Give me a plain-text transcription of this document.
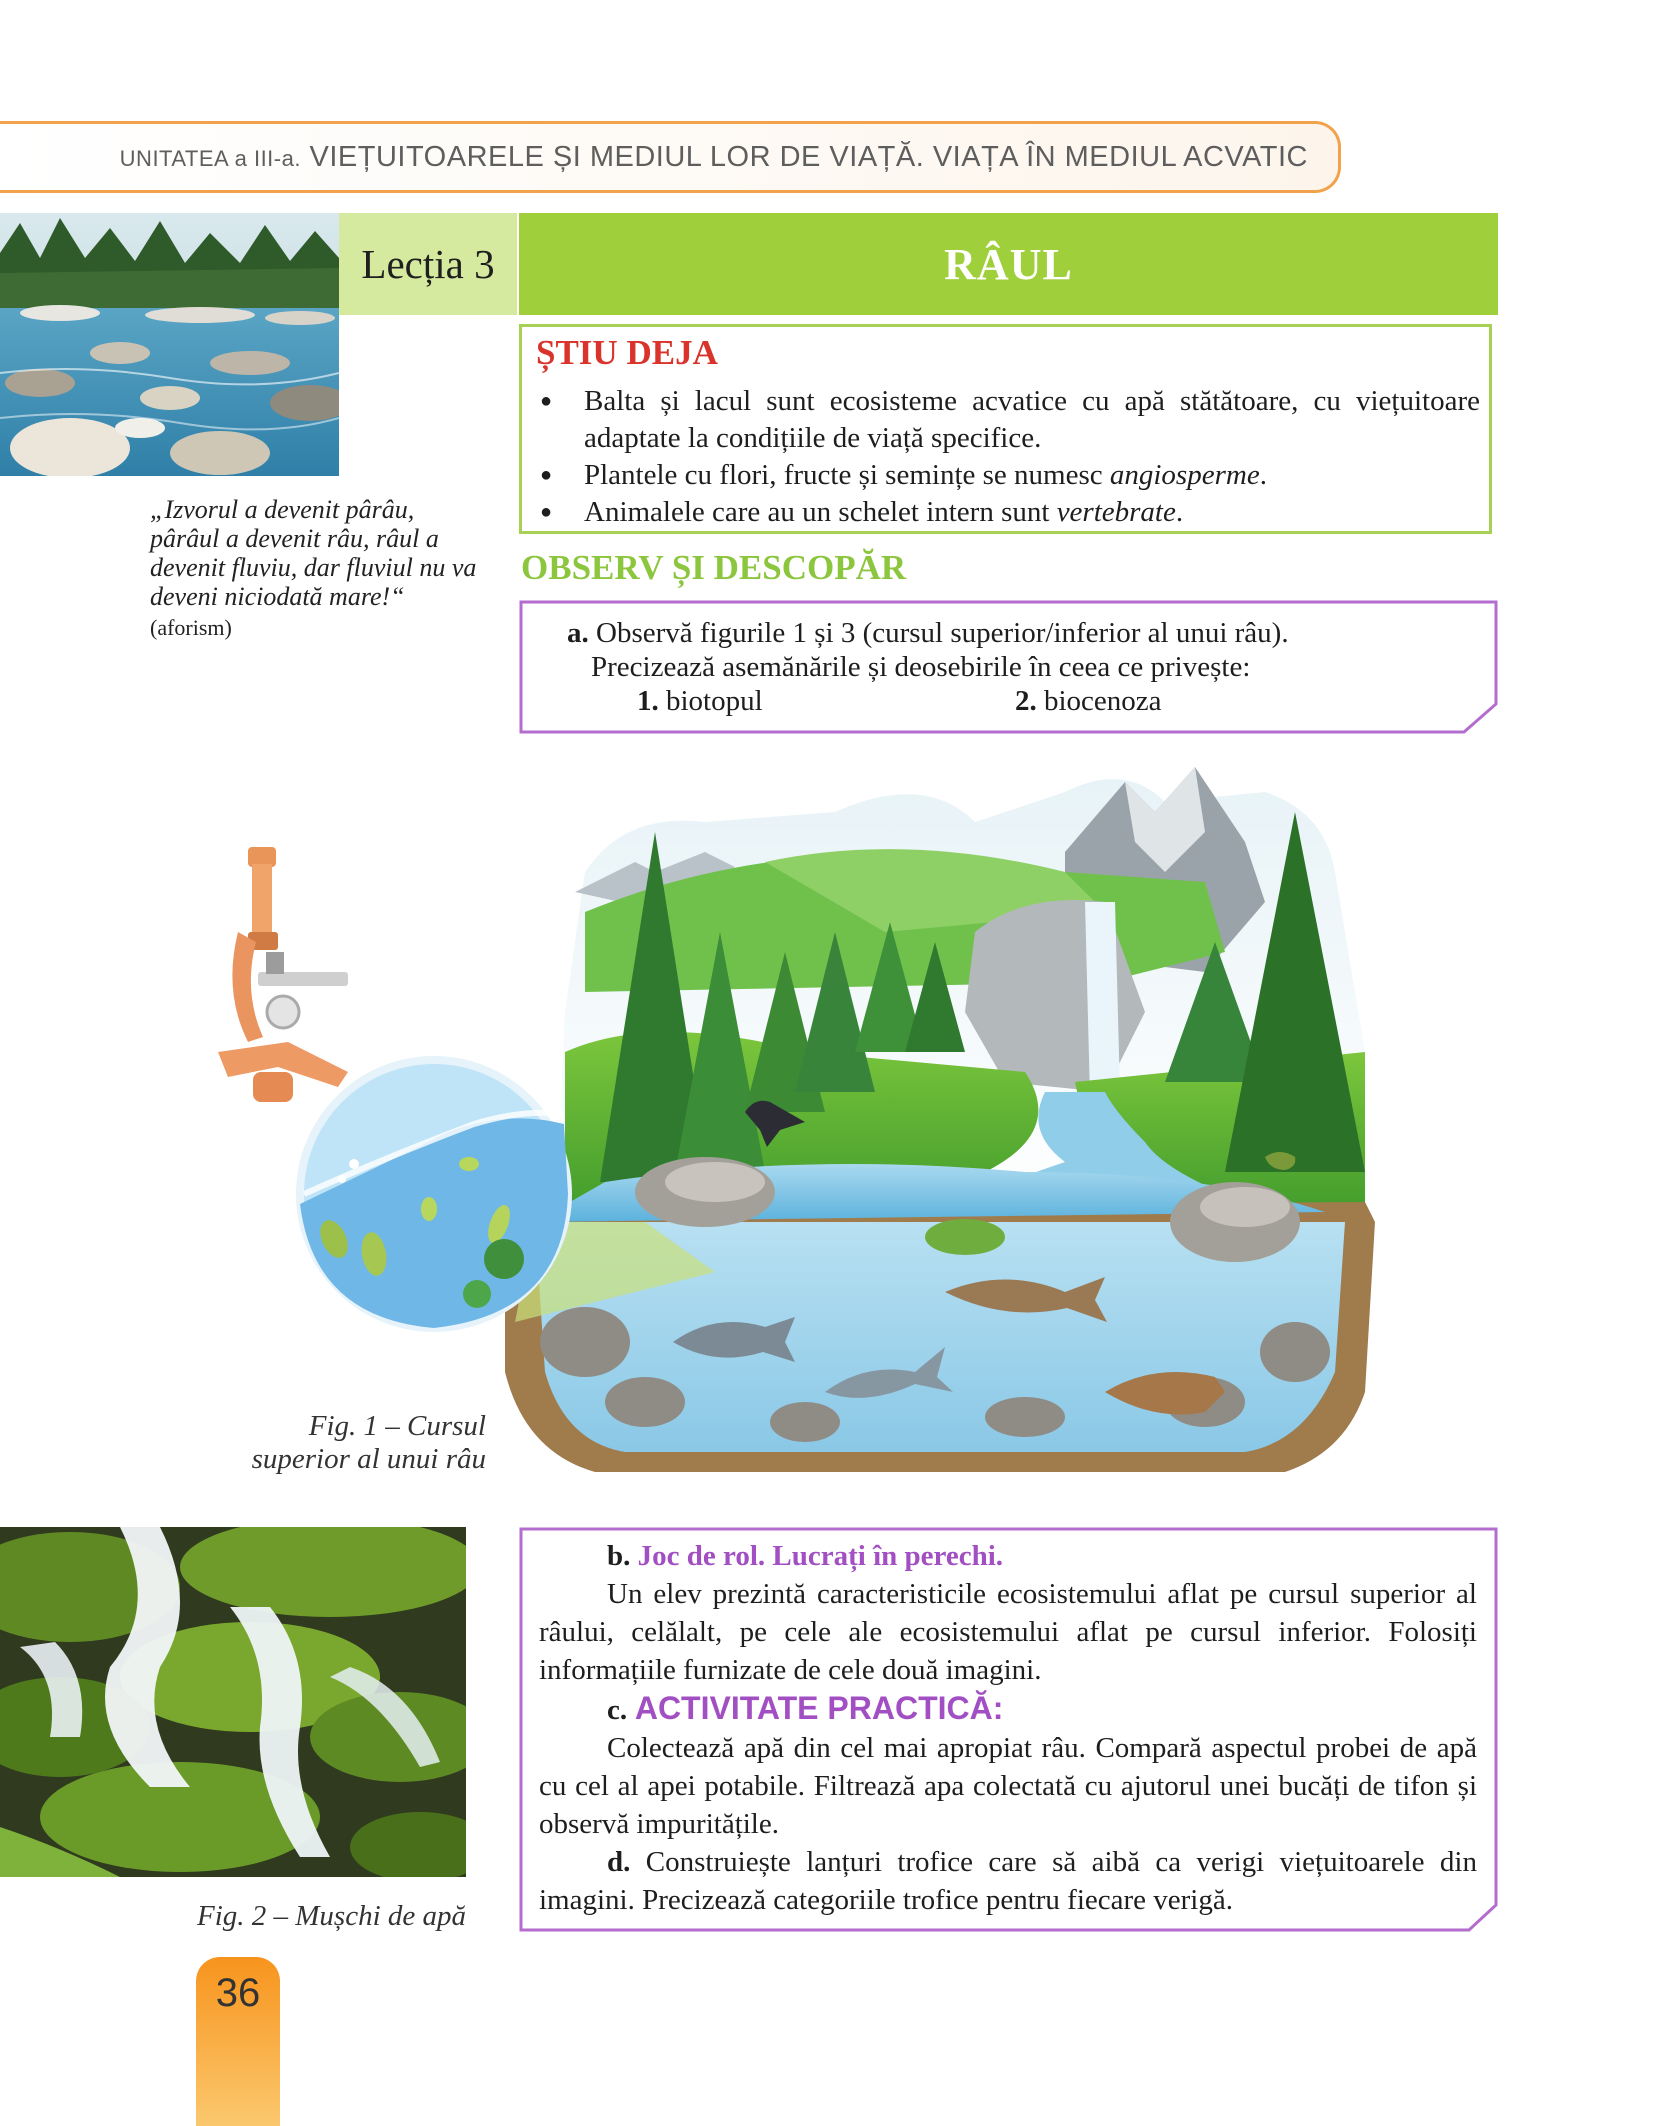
UNITATEA a III-a. VIEȚUITOARELE ȘI MEDIUL LOR DE VIAȚĂ. VIAȚA ÎN MEDIUL ACVATIC
Lecția 3	RÂUL
„Izvorul a devenit pârâu, pârâul a devenit râu, râul a devenit fluviu, dar fluviul nu va deveni niciodată mare!“
(aforism)
ȘTIU DEJA
●	Balta și lacul sunt ecosisteme acvatice cu apă stătătoare, cu viețuitoare adaptate la condițiile de viață specifice.
●	Plantele cu flori, fructe și semințe se numesc angiosperme.
●	Animalele care au un schelet intern sunt vertebrate.
OBSERV ȘI DESCOPĂR
a. Observă figurile 1 și 3 (cursul superior/inferior al unui râu).
Precizează asemănările și deosebirile în ceea ce privește:
1. biotopul	2. biocenoza
Fig. 1 – Cursul superior al unui râu
Fig. 2 – Mușchi de apă

b. Joc de rol. Lucrați în perechi.

Un elev prezintă caracteristicile ecosistemului aflat pe cursul superior al râului, celălalt, pe cele ale ecosistemului aflat pe cursul inferior. Folosiți informațiile furnizate de cele două imagini.

c. ACTIVITATE PRACTICĂ:

Colectează apă din cel mai apropiat râu. Compară aspectul probei de apă cu cel al apei potabile. Filtrează apa colectată cu ajutorul unei bucăți de tifon și observă impuritățile.

d. Construiește lanțuri trofice care să aibă ca verigi viețuitoarele din imagini. Precizează categoriile trofice pentru fiecare verigă.

36
